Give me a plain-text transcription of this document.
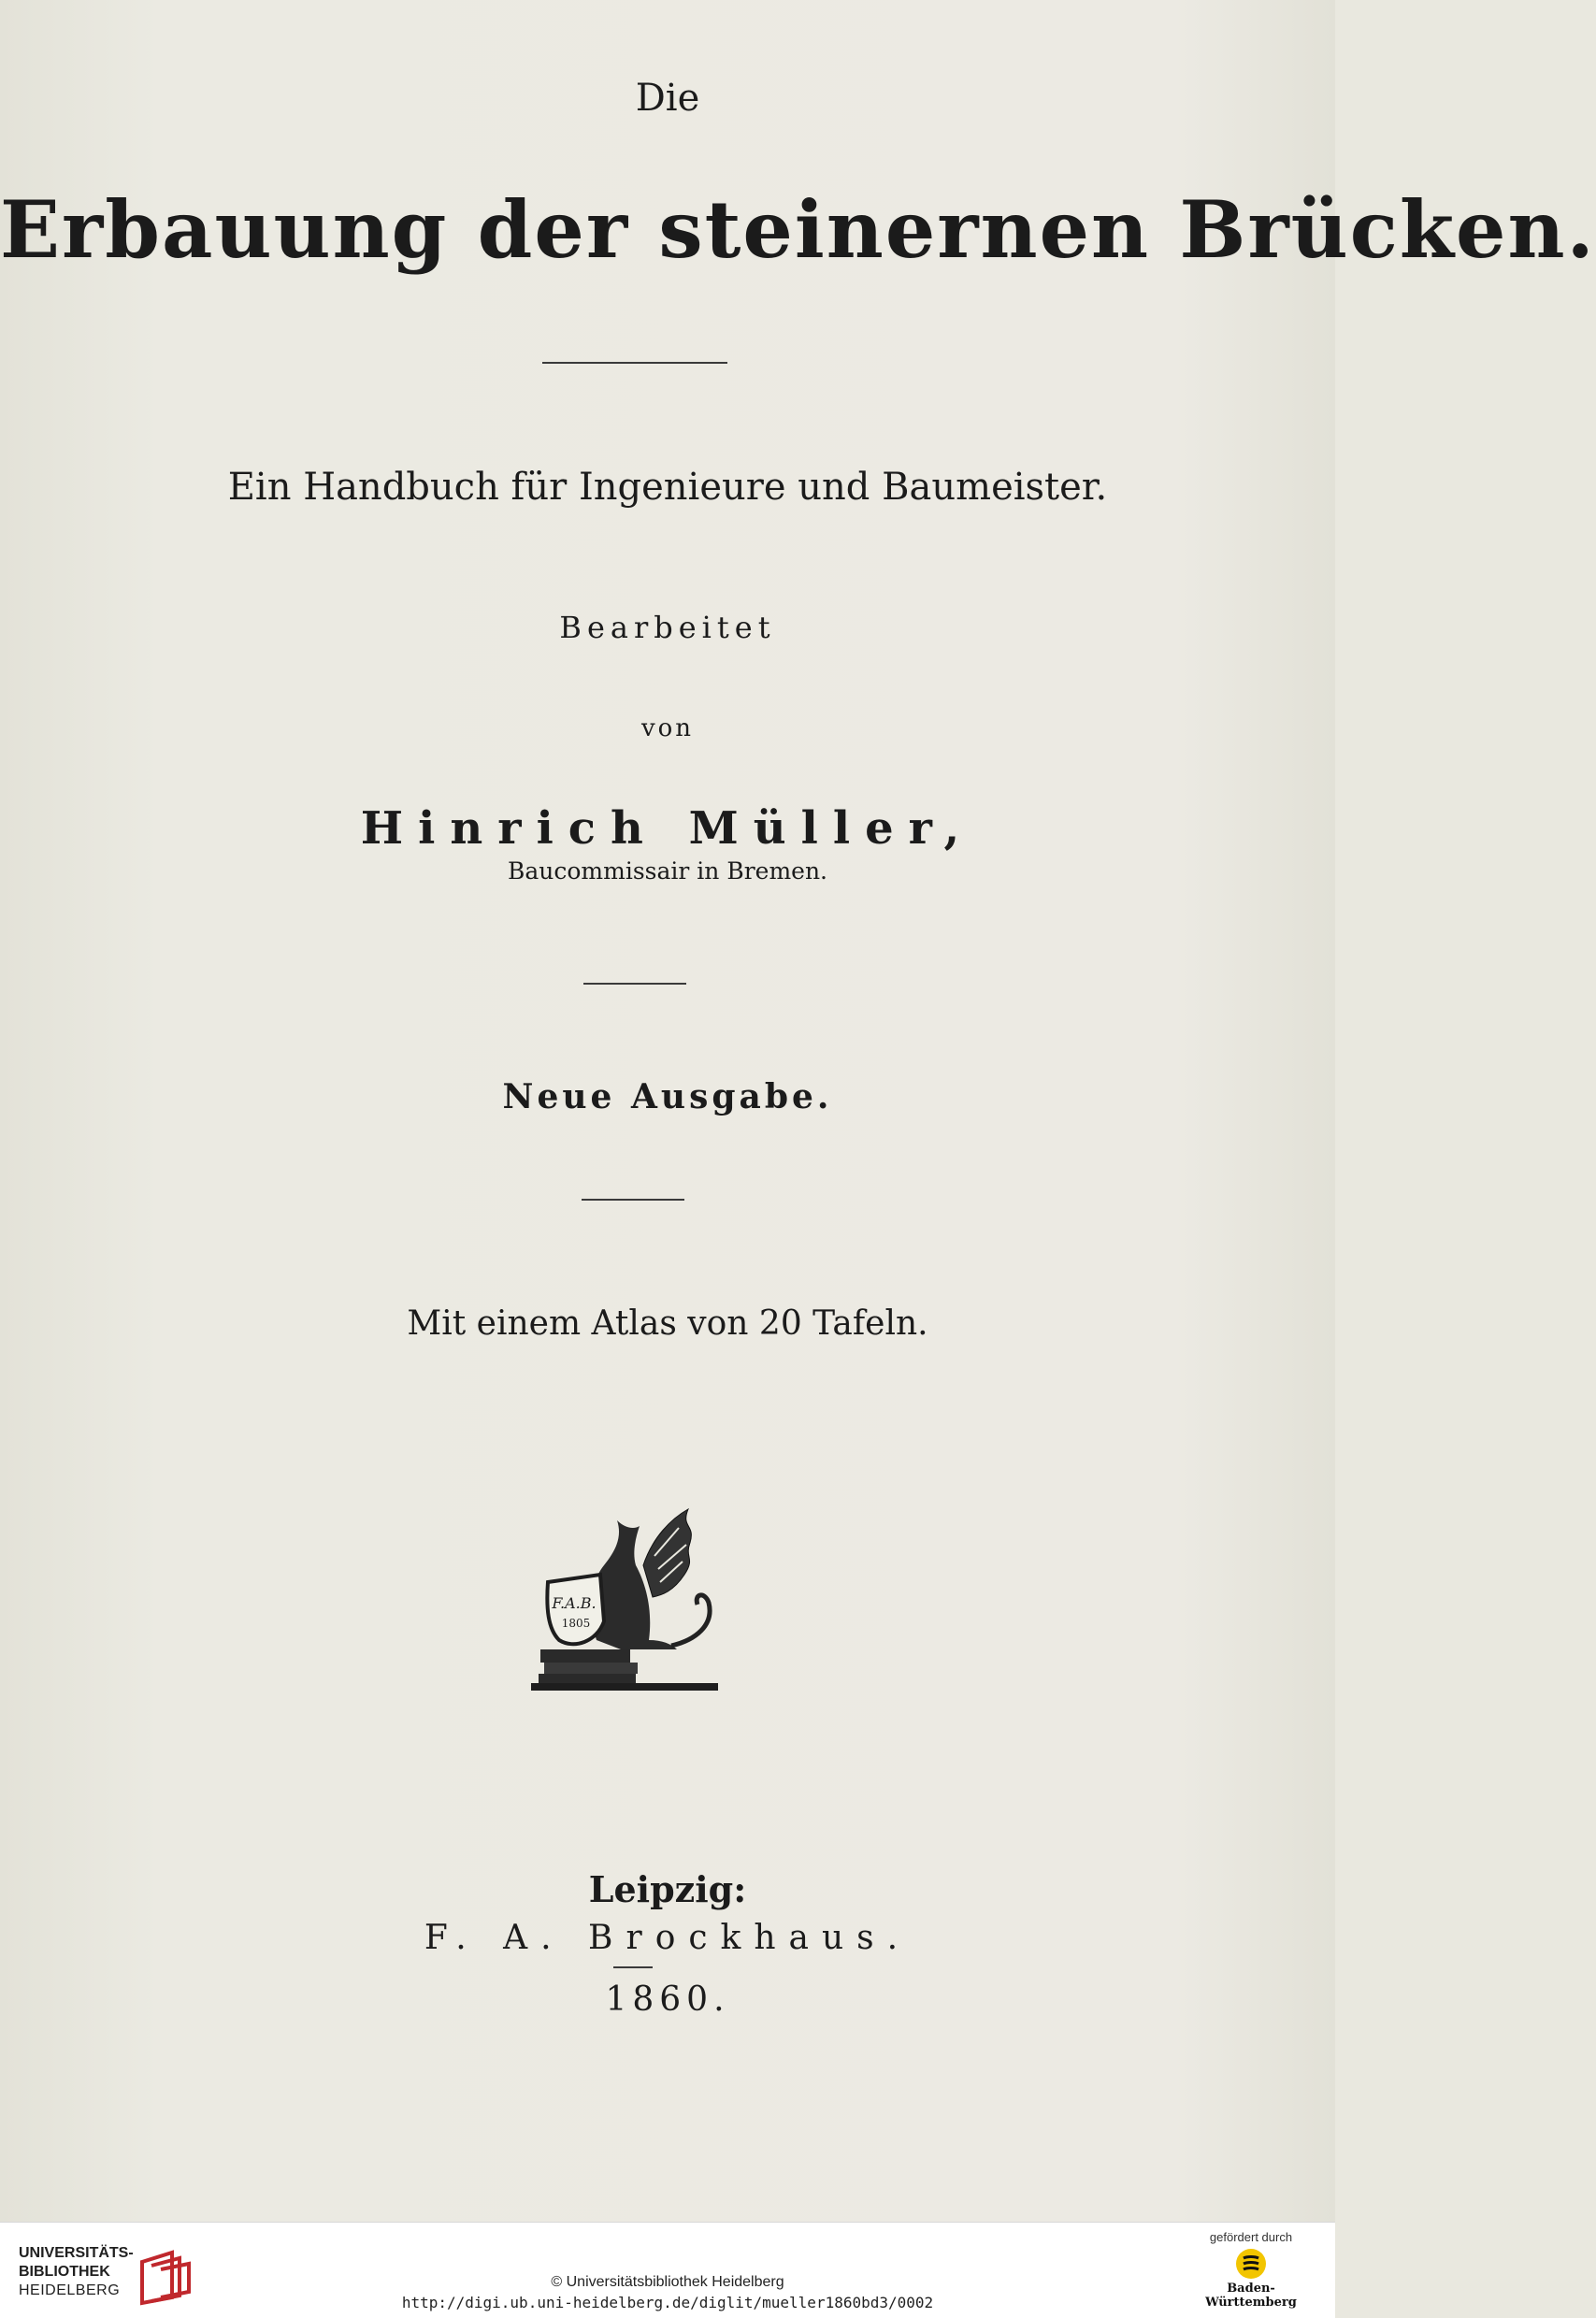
Die
Erbauung der steinernen Brücken.
Ein Handbuch für Ingenieure und Baumeister.
Bearbeitet
von
Hinrich Müller,
Baucommissair in Bremen.
Neue Ausgabe.
Mit einem Atlas von 20 Tafeln.
F.A.B.
1805
Leipzig:
F. A. Brockhaus.
1860.
UNIVERSITÄTS-
BIBLIOTHEK
HEIDELBERG
© Universitätsbibliothek Heidelberg
http://digi.ub.uni-heidelberg.de/diglit/mueller1860bd3/0002
gefördert durch
Baden-Württemberg
